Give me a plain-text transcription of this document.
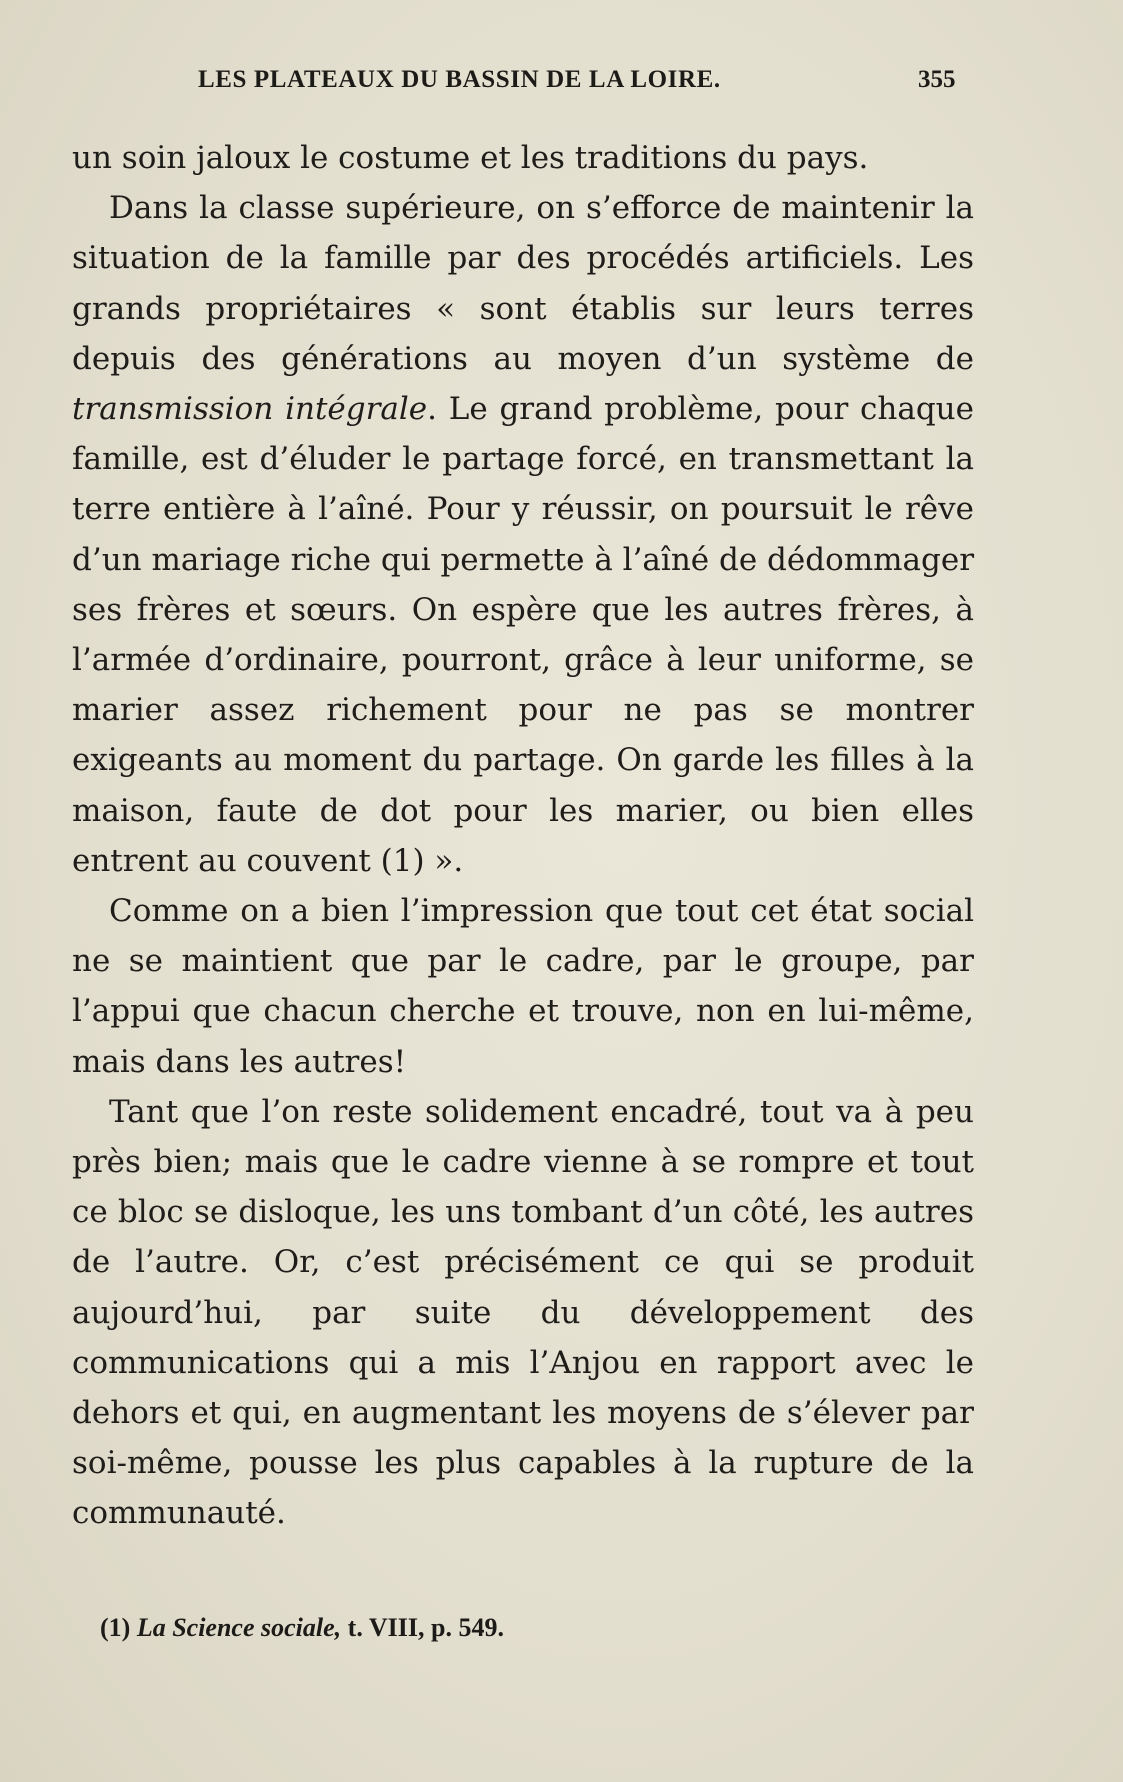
LES PLATEAUX DU BASSIN DE LA LOIRE.	355

un soin jaloux le costume et les traditions du pays.

Dans la classe supérieure, on s’efforce de maintenir la situation de la famille par des procédés artificiels. Les grands propriétaires « sont établis sur leurs terres depuis des générations au moyen d’un système de transmission intégrale. Le grand problème, pour chaque famille, est d’éluder le partage forcé, en transmettant la terre entière à l’aîné. Pour y réussir, on poursuit le rêve d’un mariage riche qui permette à l’aîné de dédommager ses frères et sœurs. On espère que les autres frères, à l’armée d’ordinaire, pourront, grâce à leur uniforme, se marier assez richement pour ne pas se montrer exigeants au moment du partage. On garde les filles à la maison, faute de dot pour les marier, ou bien elles entrent au couvent (1) ».

Comme on a bien l’impression que tout cet état social ne se maintient que par le cadre, par le groupe, par l’appui que chacun cherche et trouve, non en lui-même, mais dans les autres!

Tant que l’on reste solidement encadré, tout va à peu près bien; mais que le cadre vienne à se rompre et tout ce bloc se disloque, les uns tombant d’un côté, les autres de l’autre. Or, c’est précisément ce qui se produit aujourd’hui, par suite du développement des communications qui a mis l’Anjou en rapport avec le dehors et qui, en augmentant les moyens de s’élever par soi-même, pousse les plus capables à la rupture de la communauté.

(1) La Science sociale, t. VIII, p. 549.
